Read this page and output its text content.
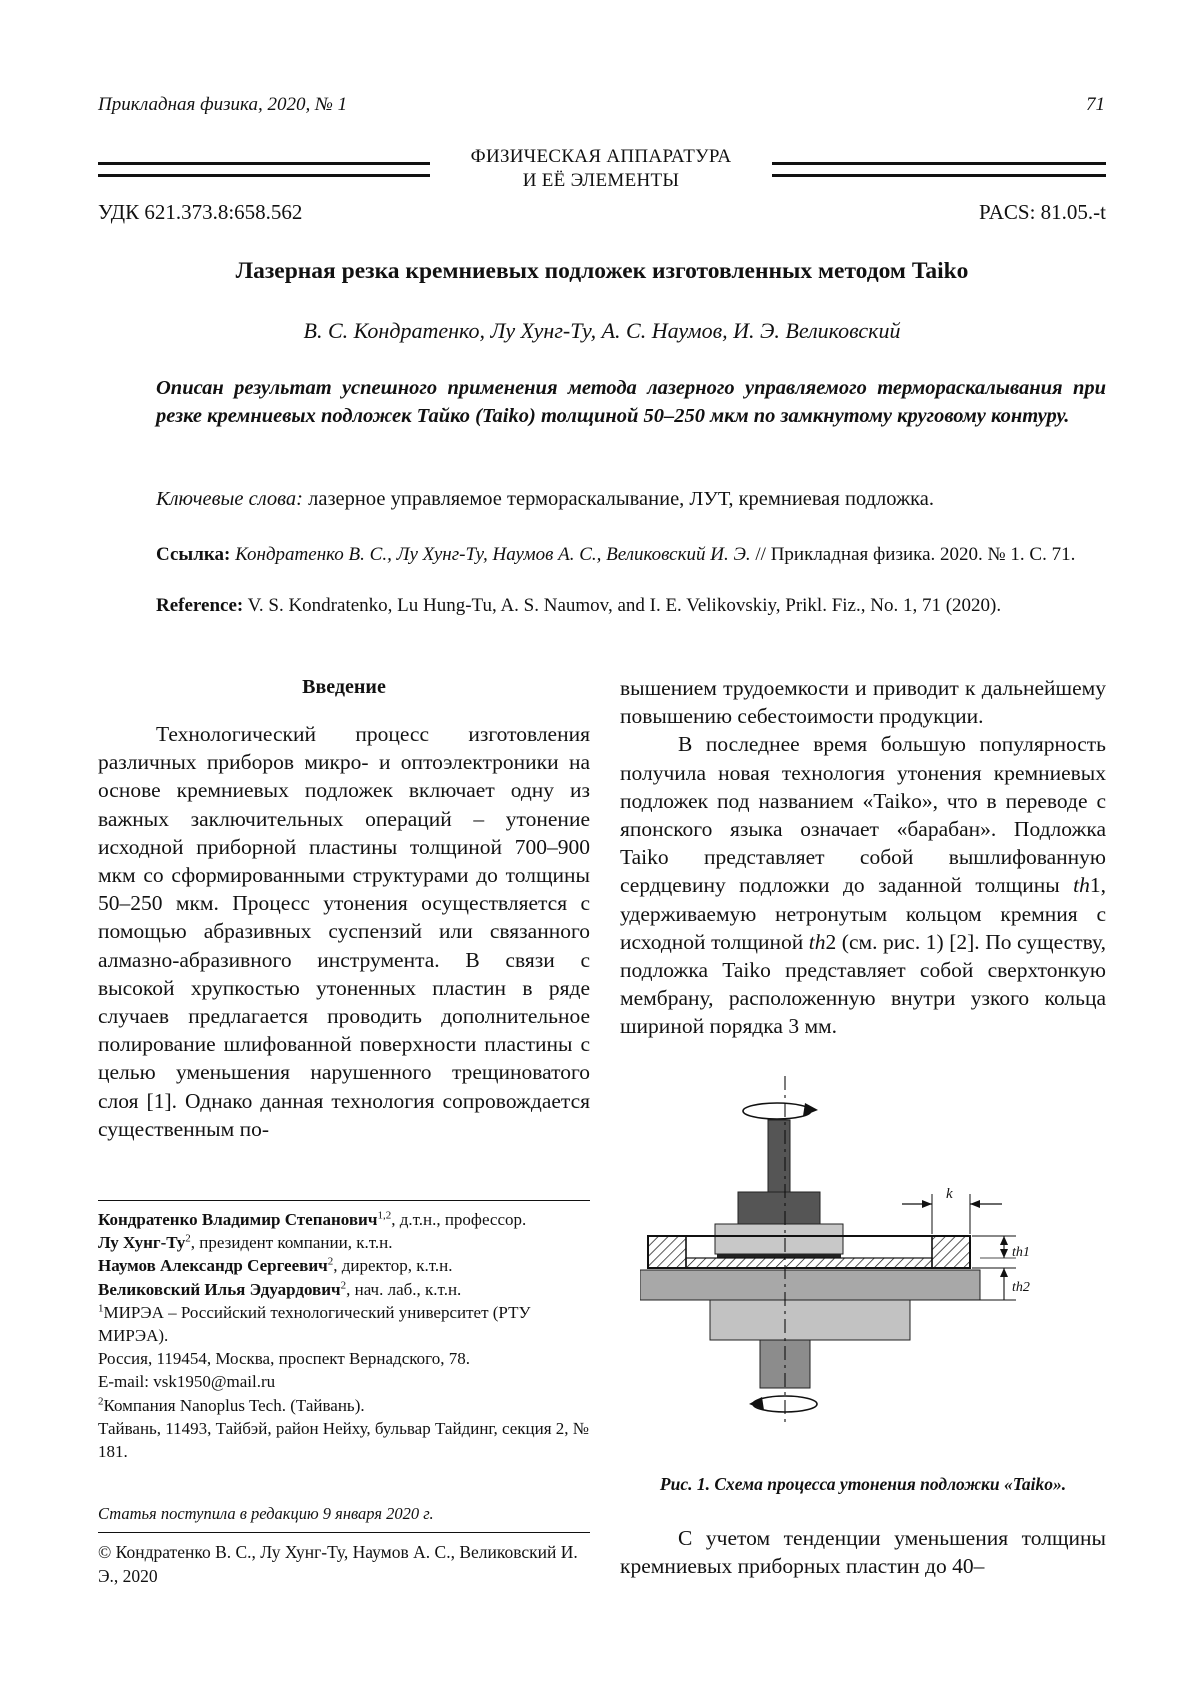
Прикладная физика, 2020, № 1	71
ФИЗИЧЕСКАЯ АППАРАТУРА
И ЕЁ ЭЛЕМЕНТЫ
УДК 621.373.8:658.562	PACS: 81.05.-t
Лазерная резка кремниевых подложек изготовленных методом Taiko
В. С. Кондратенко, Лу Хунг-Ту, А. С. Наумов, И. Э. Великовский
Описан результат успешного применения метода лазерного управляемого термораскалывания при резке кремниевых подложек Тайко (Taiko) толщиной 50–250 мкм по замкнутому круговому контуру.
Ключевые слова: лазерное управляемое термораскалывание, ЛУТ, кремниевая подложка.
Ссылка: Кондратенко В. С., Лу Хунг-Ту, Наумов А. С., Великовский И. Э. // Прикладная физика. 2020. № 1. С. 71.
Reference: V. S. Kondratenko, Lu Hung-Tu, A. S. Naumov, and I. E. Velikovskiy, Prikl. Fiz., No. 1, 71 (2020).
Введение

Технологический процесс изготовления различных приборов микро- и оптоэлектроники на основе кремниевых подложек включает одну из важных заключительных операций – утонение исходной приборной пластины толщиной 700–900 мкм со сформированными структурами до толщины 50–250 мкм. Процесс утонения осуществляется с помощью абразивных суспензий или связанного алмазно-абразивного инструмента. В связи с высокой хрупкостью утоненных пластин в ряде случаев предлагается проводить дополнительное полирование шлифованной поверхности пластины с целью уменьшения нарушенного трещиноватого слоя [1]. Однако данная технология сопровождается существенным по-

Кондратенко Владимир Степанович$^{1,2}$, д.т.н., профессор.
Лу Хунг-$Ту^2$, президент компании, к.т.н.
Наумов Александр Сергеевич$^2$, директор, к.т.н.
Великовский Илья Эдуардович$^2$, нач. лаб., к.т.н.
$^1$МИРЭА – Российский технологический университет (РТУ МИРЭА).
Россия, 119454, Москва, проспект Вернадского, 78.
E-mail: vsk1950@mail.ru
$^2$Компания Nanoplus Tech. (Тайвань).
Тайвань, 11493, Тайбэй, район Нейху, бульвар Тайдинг, секция 2, № 181.
Статья поступила в редакцию 9 января 2020 г.
© Кондратенко В. С., Лу Хунг-Ту, Наумов А. С., Великовский И. Э., 2020

вышением трудоемкости и приводит к дальнейшему повышению себестоимости продукции.

В последнее время большую популярность получила новая технология утонения кремниевых подложек под названием «Taiko», что в переводе с японского языка означает «барабан». Подложка Taiko представляет собой вышлифованную сердцевину подложки до заданной толщины th1, удерживаемую нетронутым кольцом кремния с исходной толщиной th2 (см. рис. 1) [2]. По существу, подложка Taiko представляет собой сверхтонкую мембрану, расположенную внутри узкого кольца шириной порядка 3 мм.

k
th1
th2
Рис. 1. Схема процесса утонения подложки «Taiko».

С учетом тенденции уменьшения толщины кремниевых приборных пластин до 40–
